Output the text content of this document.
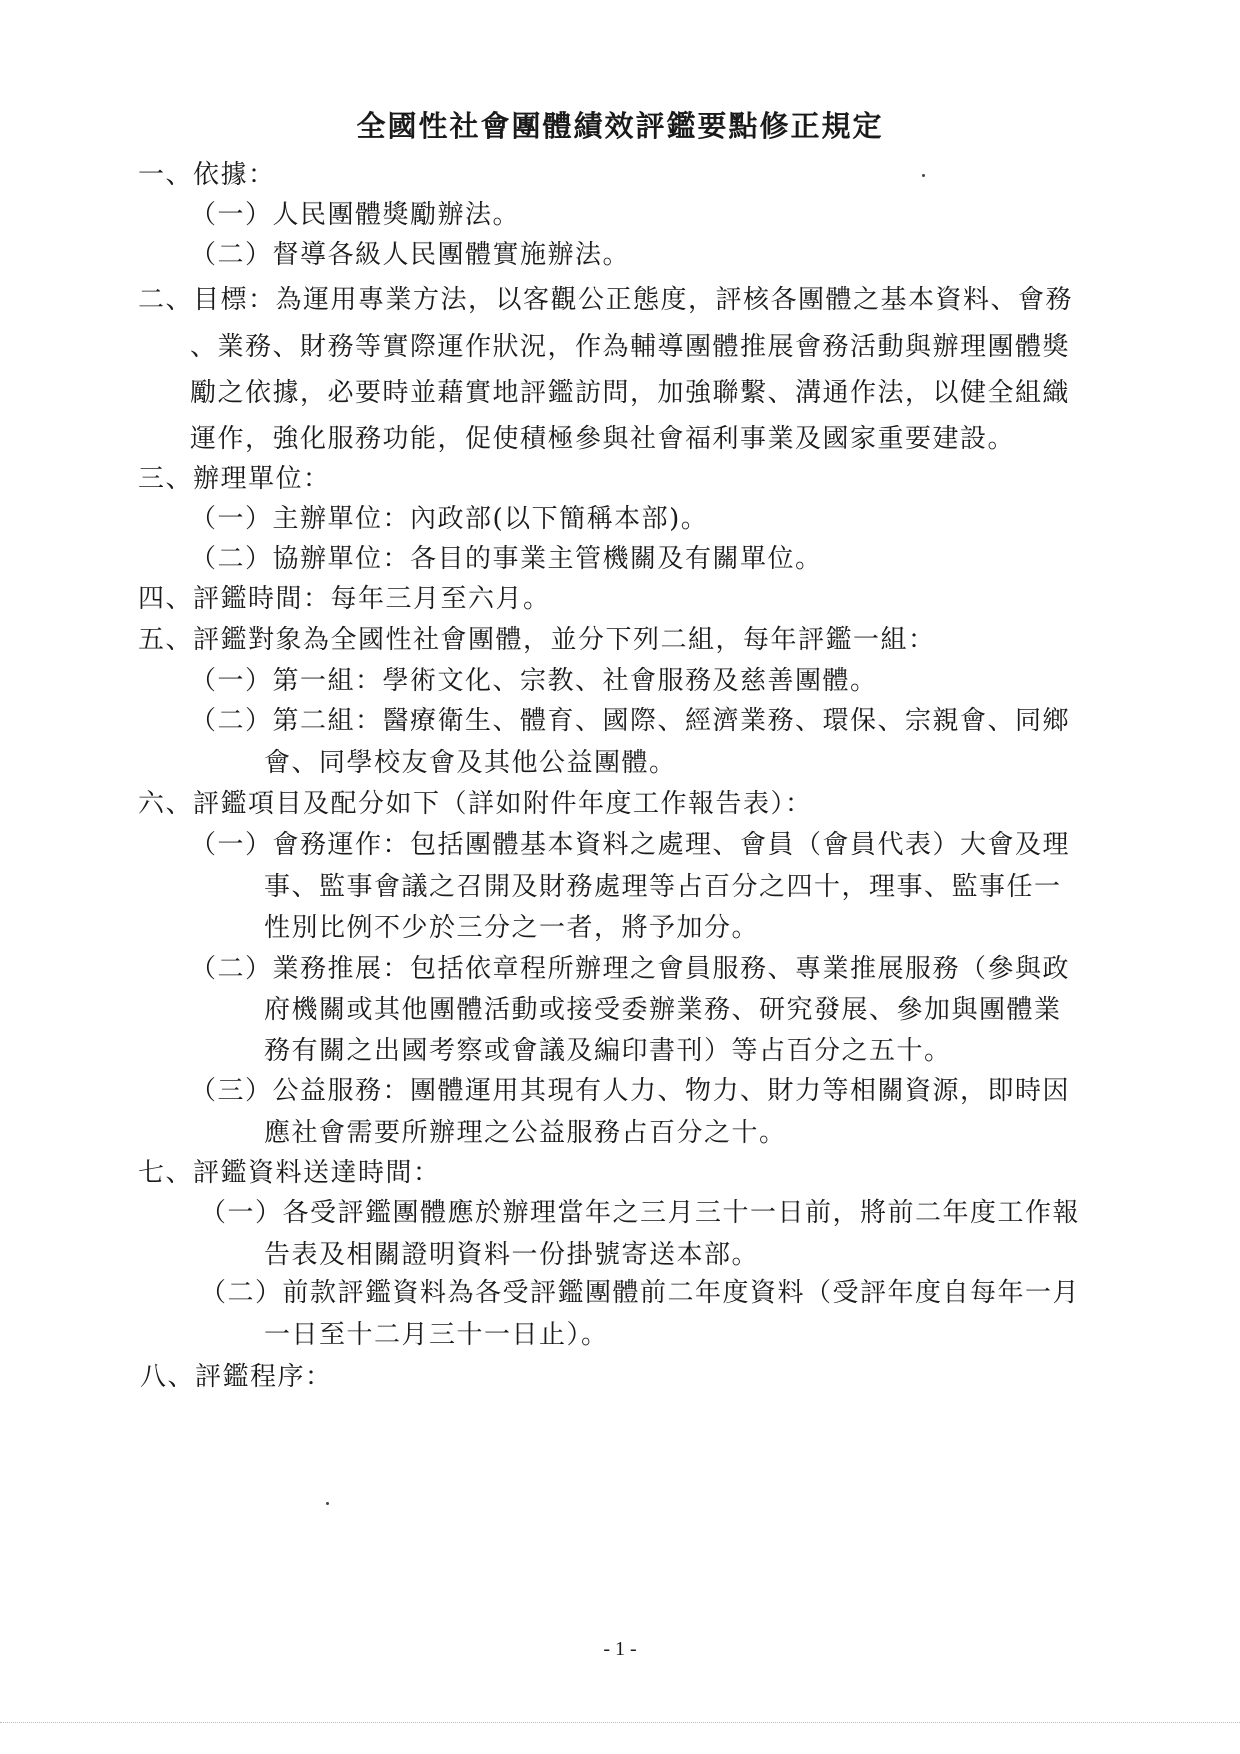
全國性社會團體績效評鑑要點修正規定
一、依據：
（一）人民團體獎勵辦法。
（二）督導各級人民團體實施辦法。
二、目標：為運用專業方法，以客觀公正態度，評核各團體之基本資料、會務
、業務、財務等實際運作狀況，作為輔導團體推展會務活動與辦理團體獎
勵之依據，必要時並藉實地評鑑訪問，加強聯繫、溝通作法，以健全組織
運作，強化服務功能，促使積極參與社會福利事業及國家重要建設。
三、辦理單位：
（一）主辦單位：內政部(以下簡稱本部)。
（二）協辦單位：各目的事業主管機關及有關單位。
四、評鑑時間：每年三月至六月。
五、評鑑對象為全國性社會團體，並分下列二組，每年評鑑一組：
（一）第一組：學術文化、宗教、社會服務及慈善團體。
（二）第二組：醫療衛生、體育、國際、經濟業務、環保、宗親會、同鄉
會、同學校友會及其他公益團體。
六、評鑑項目及配分如下（詳如附件年度工作報告表）：
（一）會務運作：包括團體基本資料之處理、會員（會員代表）大會及理
事、監事會議之召開及財務處理等占百分之四十，理事、監事任一
性別比例不少於三分之一者，將予加分。
（二）業務推展：包括依章程所辦理之會員服務、專業推展服務（參與政
府機關或其他團體活動或接受委辦業務、研究發展、參加與團體業
務有關之出國考察或會議及編印書刊）等占百分之五十。
（三）公益服務：團體運用其現有人力、物力、財力等相關資源，即時因
應社會需要所辦理之公益服務占百分之十。
七、評鑑資料送達時間：
（一）各受評鑑團體應於辦理當年之三月三十一日前，將前二年度工作報
告表及相關證明資料一份掛號寄送本部。
（二）前款評鑑資料為各受評鑑團體前二年度資料（受評年度自每年一月
一日至十二月三十一日止）。
八、評鑑程序：
- 1 -
